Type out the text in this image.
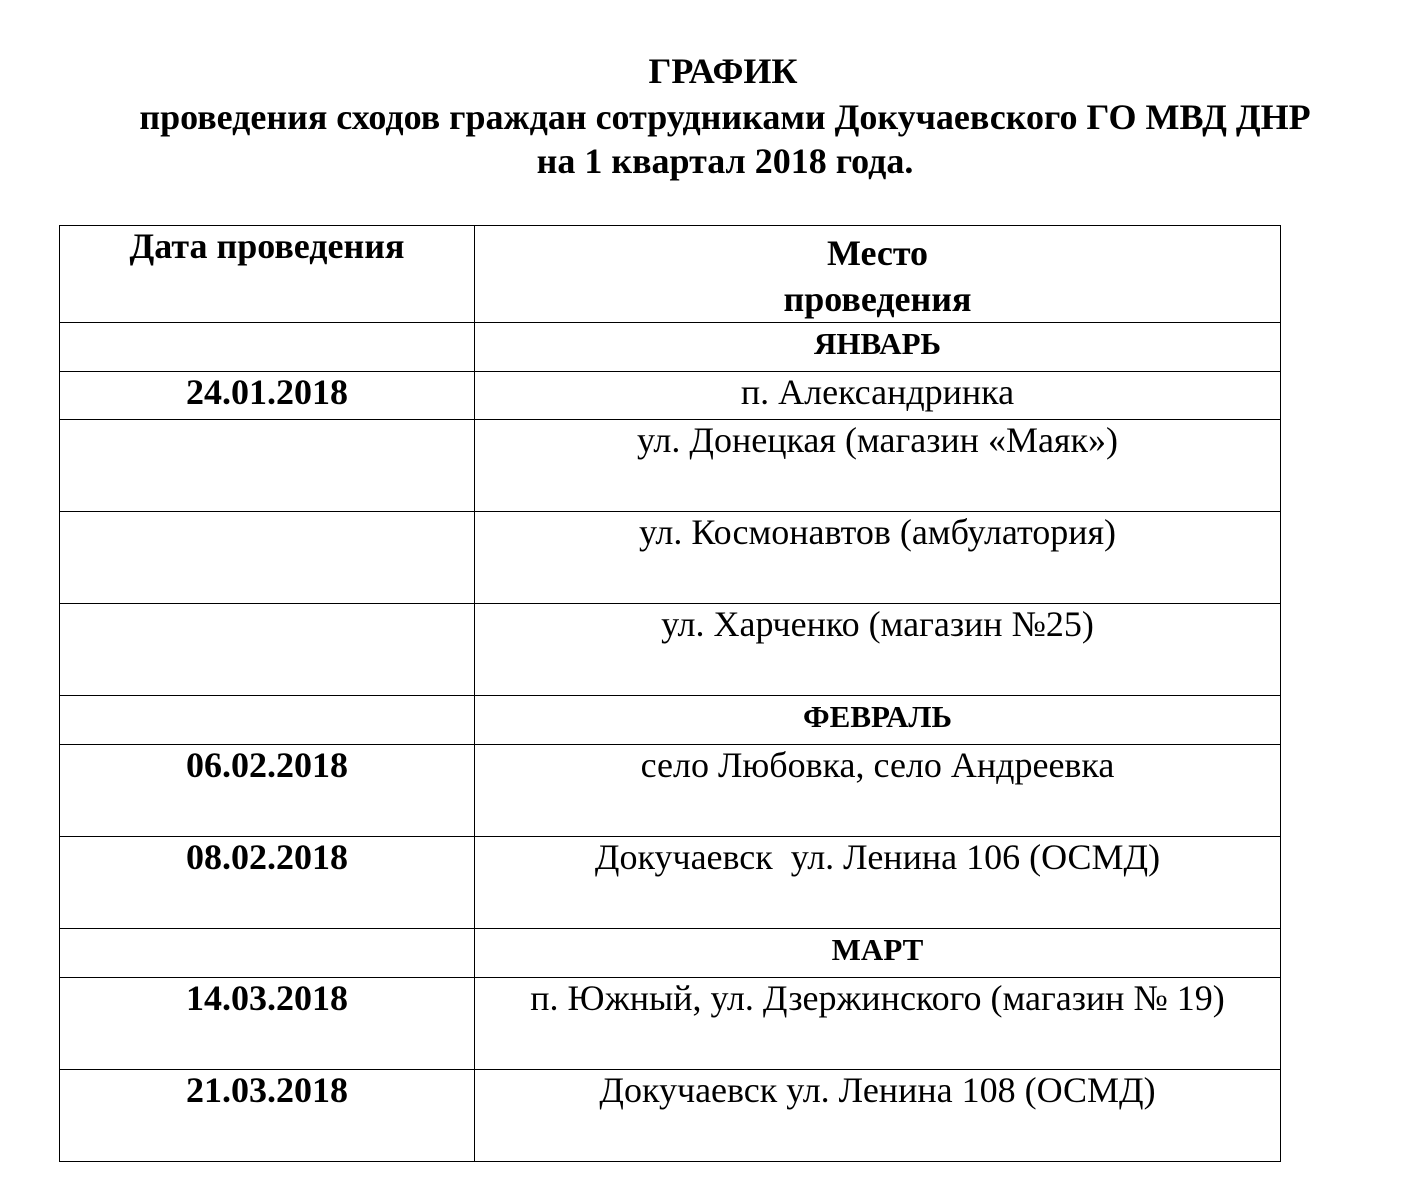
ГРАФИК
проведения сходов граждан сотрудниками Докучаевского ГО МВД ДНР
на 1 квартал 2018 года.
Дата проведения	Место
проведения
	ЯНВАРЬ
24.01.2018	п. Александринка
	ул. Донецкая (магазин «Маяк»)
	ул. Космонавтов (амбулатория)
	ул. Харченко (магазин №25)
	ФЕВРАЛЬ
06.02.2018	село Любовка, село Андреевка
08.02.2018	Докучаевск  ул. Ленина 106 (ОСМД)
	МАРТ
14.03.2018	п. Южный, ул. Дзержинского (магазин № 19)
21.03.2018	Докучаевск ул. Ленина 108 (ОСМД)
